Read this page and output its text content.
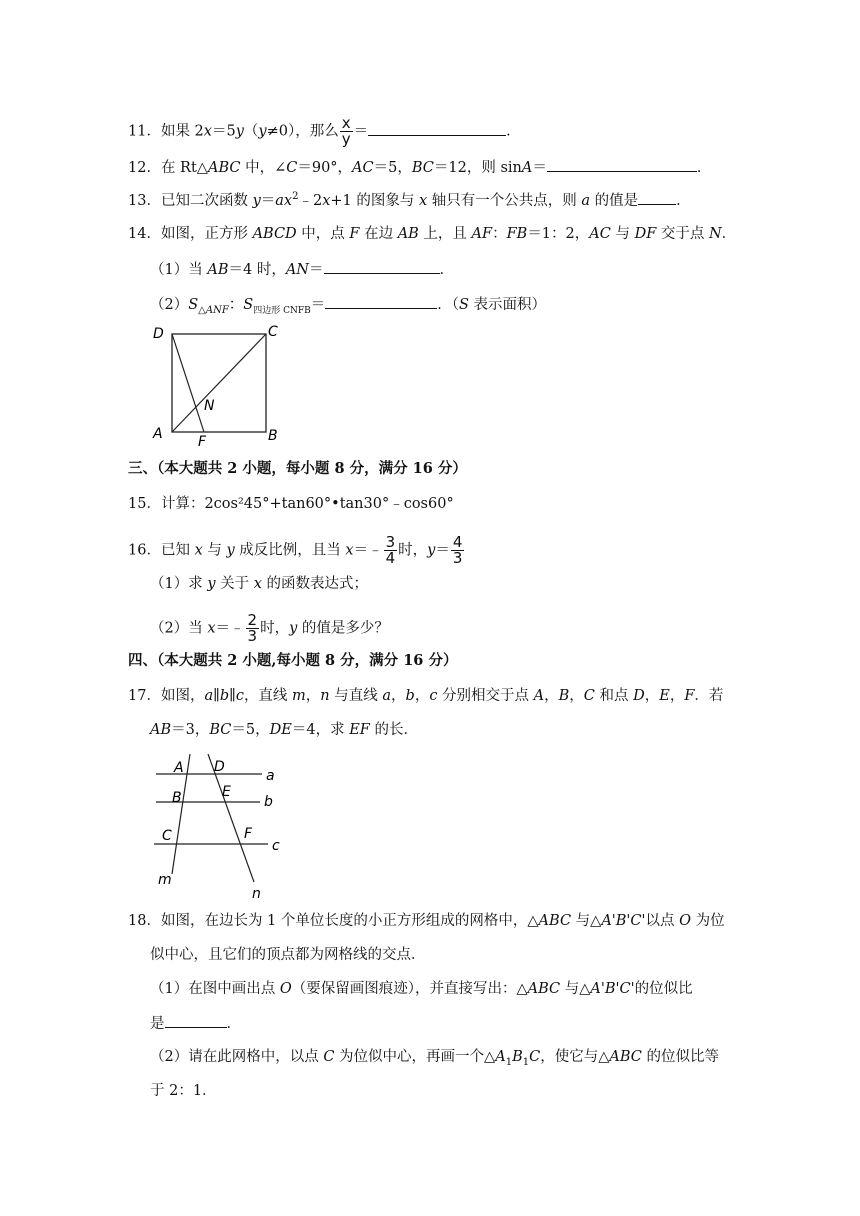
11．如果 2x＝5y（y≠0），那么 $\frac{x}{y}$ ＝	．
12．在 Rt△ABC 中，∠C＝90°，AC＝5，BC＝12，则 sinA＝	．
13．已知二次函数 $y=ax^2﹣2x+1$ 的图象与 x 轴只有一个公共点，则 a 的值是	．
14．如图，正方形 ABCD 中，点 F 在边 AB 上，且 AF：FB＝1：2，AC 与 DF 交于点 N．
（1）当 AB＝4 时，AN＝	．
$(2)S_{\triangle ANF}$：$S_{四边形 CNFB}=$	．（S 表示面积）
D	C
A	B
N
F
三、（本大题共 2 小题，每小题 8 分，满分 16 分）
15．计算：2cos²45°+tan60°•tan30°﹣cos60°
16．已知 x 与 y 成反比例，且当 x＝﹣ $\frac{3}{4}$ 时，$y= \frac{4}{3}$
（1）求 y 关于 x 的函数表达式；
（2）当 x＝﹣ $\frac{2}{3}$ 时，y 的值是多少？
四、（本大题共 2 小题,每小题 8 分，满分 16 分）
17．如图，a∥b∥c，直线 m，n 与直线 a，b，c 分别相交于点 A，B，C 和点 D，E，F．若
AB＝3，BC＝5，DE＝4，求 EF 的长．
A D
a
B	E
b
C	F
c
m
n
18．如图，在边长为 1 个单位长度的小正方形组成的网格中，△ABC 与△A'B'C'以点 O 为位
似中心，且它们的顶点都为网格线的交点．
（1）在图中画出点 O（要保留画图痕迹），并直接写出：△ABC 与△A'B'C'的位似比
是	．
（2）请在此网格中，以点 C 为位似中心，再画一个$\triangle A_1B_1C$，使它与△ABC 的位似比等
于 2：1．
